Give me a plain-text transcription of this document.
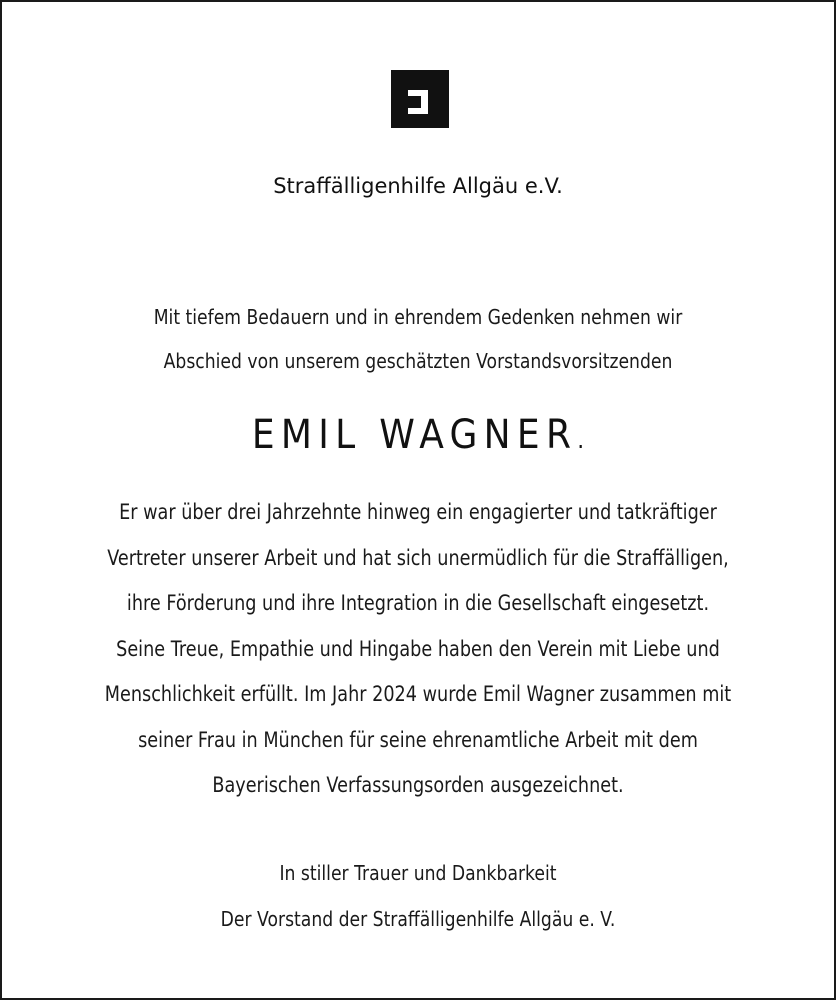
Straffälligenhilfe Allgäu e.V.
Mit tiefem Bedauern und in ehrendem Gedenken nehmen wir
Abschied von unserem geschätzten Vorstandsvorsitzenden
EMIL WAGNER.
Er war über drei Jahrzehnte hinweg ein engagierter und tatkräftiger
Vertreter unserer Arbeit und hat sich unermüdlich für die Straffälligen,
ihre Förderung und ihre Integration in die Gesellschaft eingesetzt.
Seine Treue, Empathie und Hingabe haben den Verein mit Liebe und
Menschlichkeit erfüllt. Im Jahr 2024 wurde Emil Wagner zusammen mit
seiner Frau in München für seine ehrenamtliche Arbeit mit dem
Bayerischen Verfassungsorden ausgezeichnet.
In stiller Trauer und Dankbarkeit
Der Vorstand der Straffälligenhilfe Allgäu e. V.
